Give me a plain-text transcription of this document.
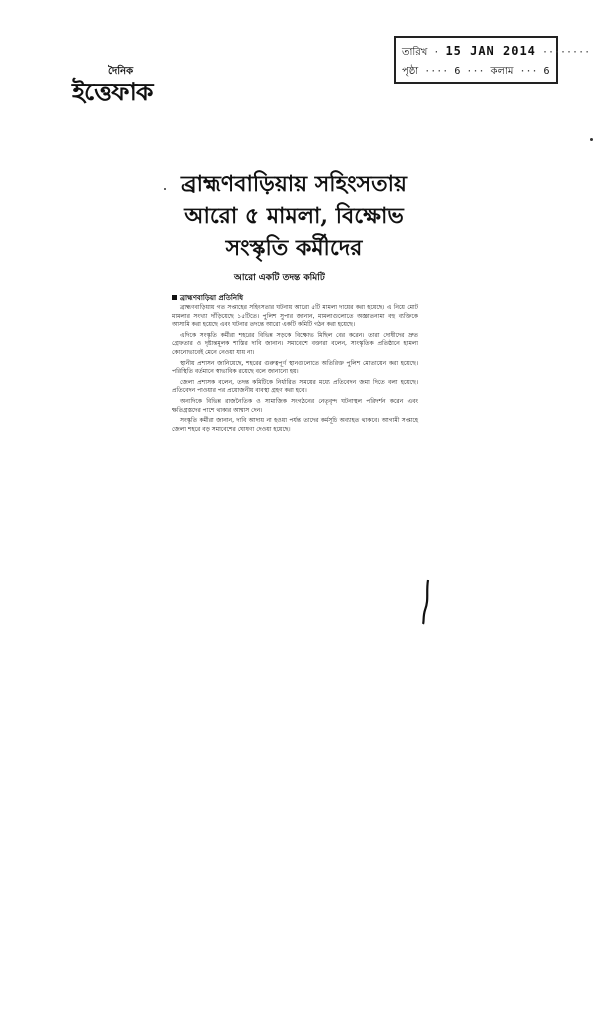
দৈনিক
ইত্তেফাক
তারিখ · 15 JAN 2014 ········
পৃষ্ঠা ···· 6 ··· কলাম ··· 6
ব্রাহ্মণবাড়িয়ায় সহিংসতায়
আরো ৫ মামলা, বিক্ষোভ
সংস্কৃতি কর্মীদের
আরো একটি তদন্ত কমিটি
ব্রাহ্মণবাড়িয়া প্রতিনিধি

ব্রাহ্মণবাড়িয়ায় গত সপ্তাহের সহিংসতার ঘটনায় আরো ৫টি মামলা দায়ের করা হয়েছে। এ নিয়ে মোট মামলার সংখ্যা দাঁড়িয়েছে ১৫টিতে। পুলিশ সুপার জানান, মামলাগুলোতে অজ্ঞাতনামা বহু ব্যক্তিকে আসামি করা হয়েছে এবং ঘটনার তদন্তে আরো একটি কমিটি গঠন করা হয়েছে।

এদিকে সংস্কৃতি কর্মীরা শহরের বিভিন্ন সড়কে বিক্ষোভ মিছিল বের করেন। তারা দোষীদের দ্রুত গ্রেফতার ও দৃষ্টান্তমূলক শাস্তির দাবি জানান। সমাবেশে বক্তারা বলেন, সাংস্কৃতিক প্রতিষ্ঠানে হামলা কোনোভাবেই মেনে নেওয়া যায় না।

স্থানীয় প্রশাসন জানিয়েছে, শহরের গুরুত্বপূর্ণ স্থানগুলোতে অতিরিক্ত পুলিশ মোতায়েন করা হয়েছে। পরিস্থিতি বর্তমানে স্বাভাবিক রয়েছে বলে জানানো হয়।

জেলা প্রশাসক বলেন, তদন্ত কমিটিকে নির্ধারিত সময়ের মধ্যে প্রতিবেদন জমা দিতে বলা হয়েছে। প্রতিবেদন পাওয়ার পর প্রয়োজনীয় ব্যবস্থা গ্রহণ করা হবে।

অন্যদিকে বিভিন্ন রাজনৈতিক ও সামাজিক সংগঠনের নেতৃবৃন্দ ঘটনাস্থল পরিদর্শন করেন এবং ক্ষতিগ্রস্তদের পাশে থাকার আশ্বাস দেন।

সংস্কৃতি কর্মীরা জানান, দাবি আদায় না হওয়া পর্যন্ত তাদের কর্মসূচি অব্যাহত থাকবে। আগামী সপ্তাহে জেলা শহরে বড় সমাবেশের ঘোষণা দেওয়া হয়েছে।
